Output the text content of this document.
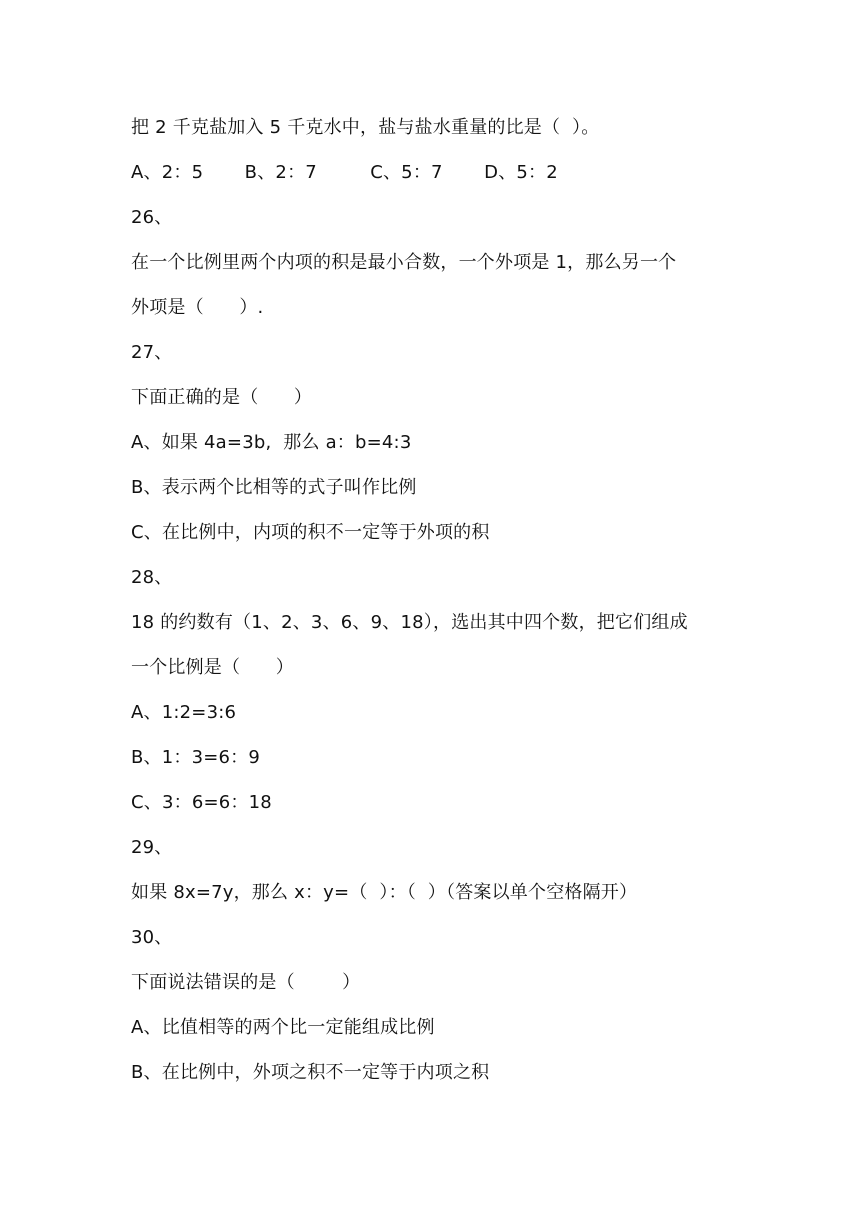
把 2 千克盐加入 5 千克水中，盐与盐水重量的比是（  ）。
A、2：5       B、2：7         C、5：7       D、5：2
26、
在一个比例里两个内项的积是最小合数，一个外项是 1，那么另一个
外项是（      ）.
27、
下面正确的是（      ）
A、如果 4a=3b,  那么 a：b=4:3
B、表示两个比相等的式子叫作比例
C、在比例中，内项的积不一定等于外项的积
28、
18 的约数有（1、2、3、6、9、18），选出其中四个数，把它们组成
一个比例是（      ）
A、1:2=3:6
B、1：3=6：9
C、3：6=6：18
29、
如果 8x=7y，那么 x：y=（  ）：（  ）（答案以单个空格隔开）
30、
下面说法错误的是（        ）
A、比值相等的两个比一定能组成比例
B、在比例中，外项之积不一定等于内项之积
